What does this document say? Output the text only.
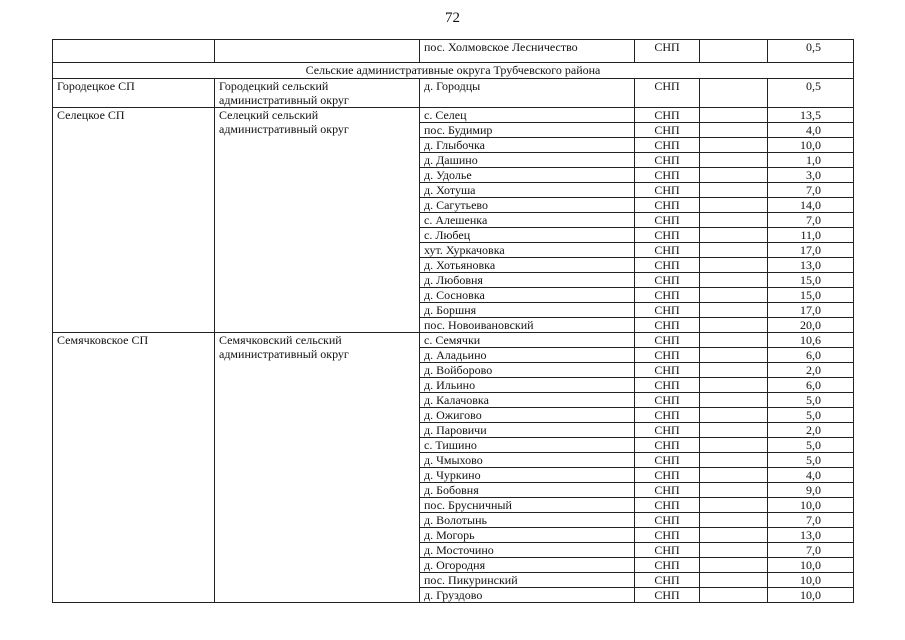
72
		пос. Холмовское Лесничество	СНП		0,5
Сельские административные округа Трубчевского района					
Городецкое СП	Городецкий сельский административный округ	д. Городцы	СНП		0,5
Селецкое СП	Селецкий сельский административный округ	с. Селец	СНП		13,5
		пос. Будимир	СНП		4,0
		д. Глыбочка	СНП		10,0
		д. Дашино	СНП		1,0
		д. Удолье	СНП		3,0
		д. Хотуша	СНП		7,0
		д. Сагутьево	СНП		14,0
		с. Алешенка	СНП		7,0
		с. Любец	СНП		11,0
		хут. Хуркачовка	СНП		17,0
		д. Хотьяновка	СНП		13,0
		д. Любовня	СНП		15,0
		д. Сосновка	СНП		15,0
		д. Боршня	СНП		17,0
		пос. Новоивановский	СНП		20,0
Семячковское СП	Семячковский сельский административный округ	с. Семячки	СНП		10,6
		д. Аладьино	СНП		6,0
		д. Войборово	СНП		2,0
		д. Ильино	СНП		6,0
		д. Калачовка	СНП		5,0
		д. Ожигово	СНП		5,0
		д. Паровичи	СНП		2,0
		с. Тишино	СНП		5,0
		д. Чмыхово	СНП		5,0
		д. Чуркино	СНП		4,0
		д. Бобовня	СНП		9,0
		пос. Брусничный	СНП		10,0
		д. Волотынь	СНП		7,0
		д. Могорь	СНП		13,0
		д. Мосточино	СНП		7,0
		д. Огородня	СНП		10,0
		пос. Пикуринский	СНП		10,0
		д. Груздово	СНП		10,0
